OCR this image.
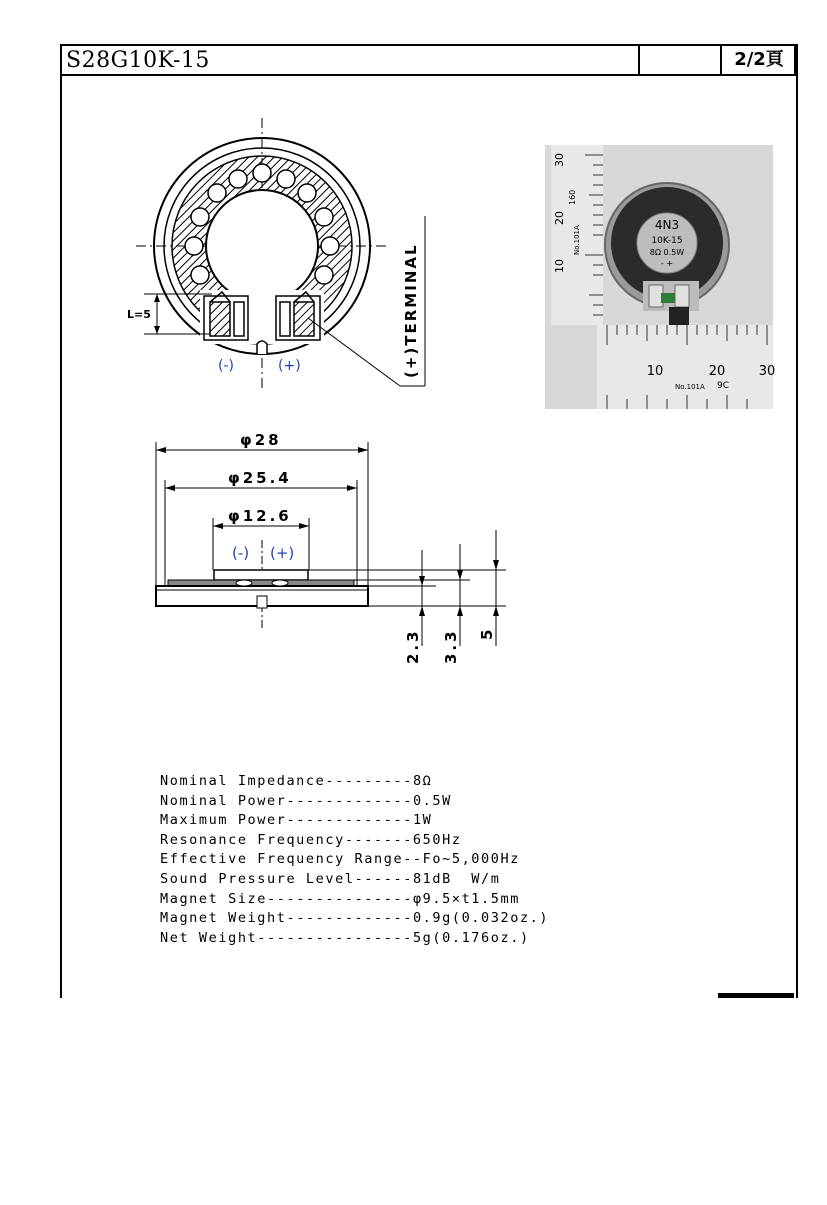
S28G10K-15	2/2頁
L=5
(-)	(+)	(+)TERMINAL
30
20
10
160
No.101A
4N3
10K-15
8Ω 0.5W
- +
10	20	30
No.101A 9C
φ28
φ25.4
φ12.6
(-) (+)
2.3 3.3 5
Nominal Impedance---------8Ω
Nominal Power-------------0.5W
Maximum Power-------------1W
Resonance Frequency-------650Hz
Effective Frequency Range--Fo~5,000Hz
Sound Pressure Level------81dB  W/m
Magnet Size---------------φ9.5×t1.5mm
Magnet Weight-------------0.9g(0.032oz.)
Net Weight----------------5g(0.176oz.)
